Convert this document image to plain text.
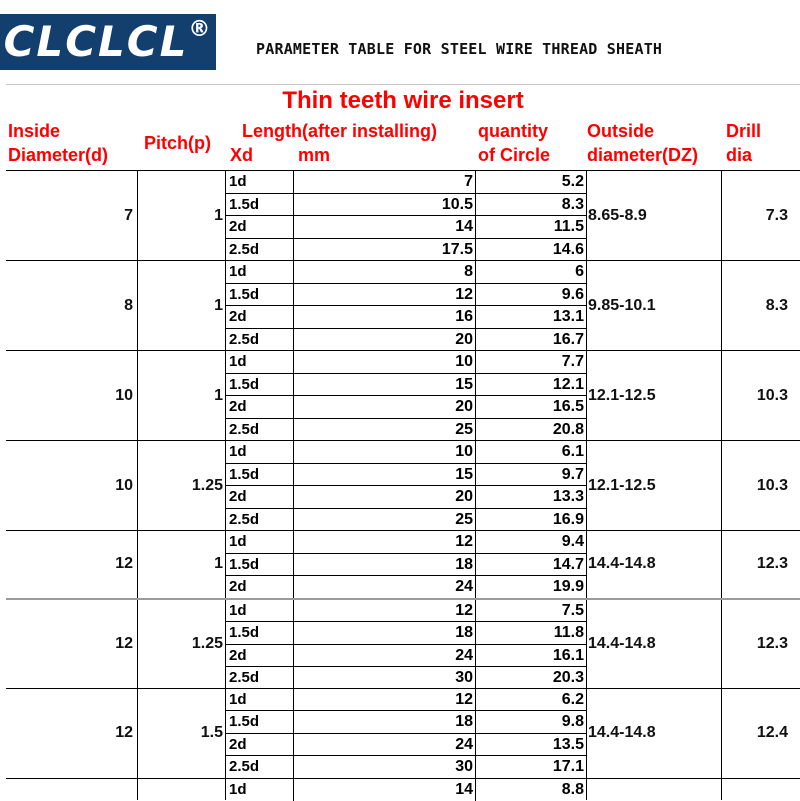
CLCLCL®
PARAMETER TABLE FOR STEEL WIRE THREAD SHEATH
Thin teeth wire insert
Inside
Diameter(d)
Pitch(p)
Length(after installing)
Xd mm
quantity
of Circle
Outside
diameter(DZ)
Drill
dia
7	1	8.65-8.9	7.3
1d	7	5.2
1.5d	10.5	8.3
2d	14	11.5
2.5d	17.5	14.6
8	1	9.85-10.1	8.3
1d	8	6
1.5d	12	9.6
2d	16	13.1
2.5d	20	16.7
10	1	12.1-12.5	10.3
1d	10	7.7
1.5d	15	12.1
2d	20	16.5
2.5d	25	20.8
10	1.25	12.1-12.5	10.3
1d	10	6.1
1.5d	15	9.7
2d	20	13.3
2.5d	25	16.9
12	1	14.4-14.8	12.3
1d	12	9.4
1.5d	18	14.7
2d	24	19.9
12	1.25	14.4-14.8	12.3
1d	12	7.5
1.5d	18	11.8
2d	24	16.1
2.5d	30	20.3
12	1.5	14.4-14.8	12.4
1d	12	6.2
1.5d	18	9.8
2d	24	13.5
2.5d	30	17.1
1d	14	8.8
